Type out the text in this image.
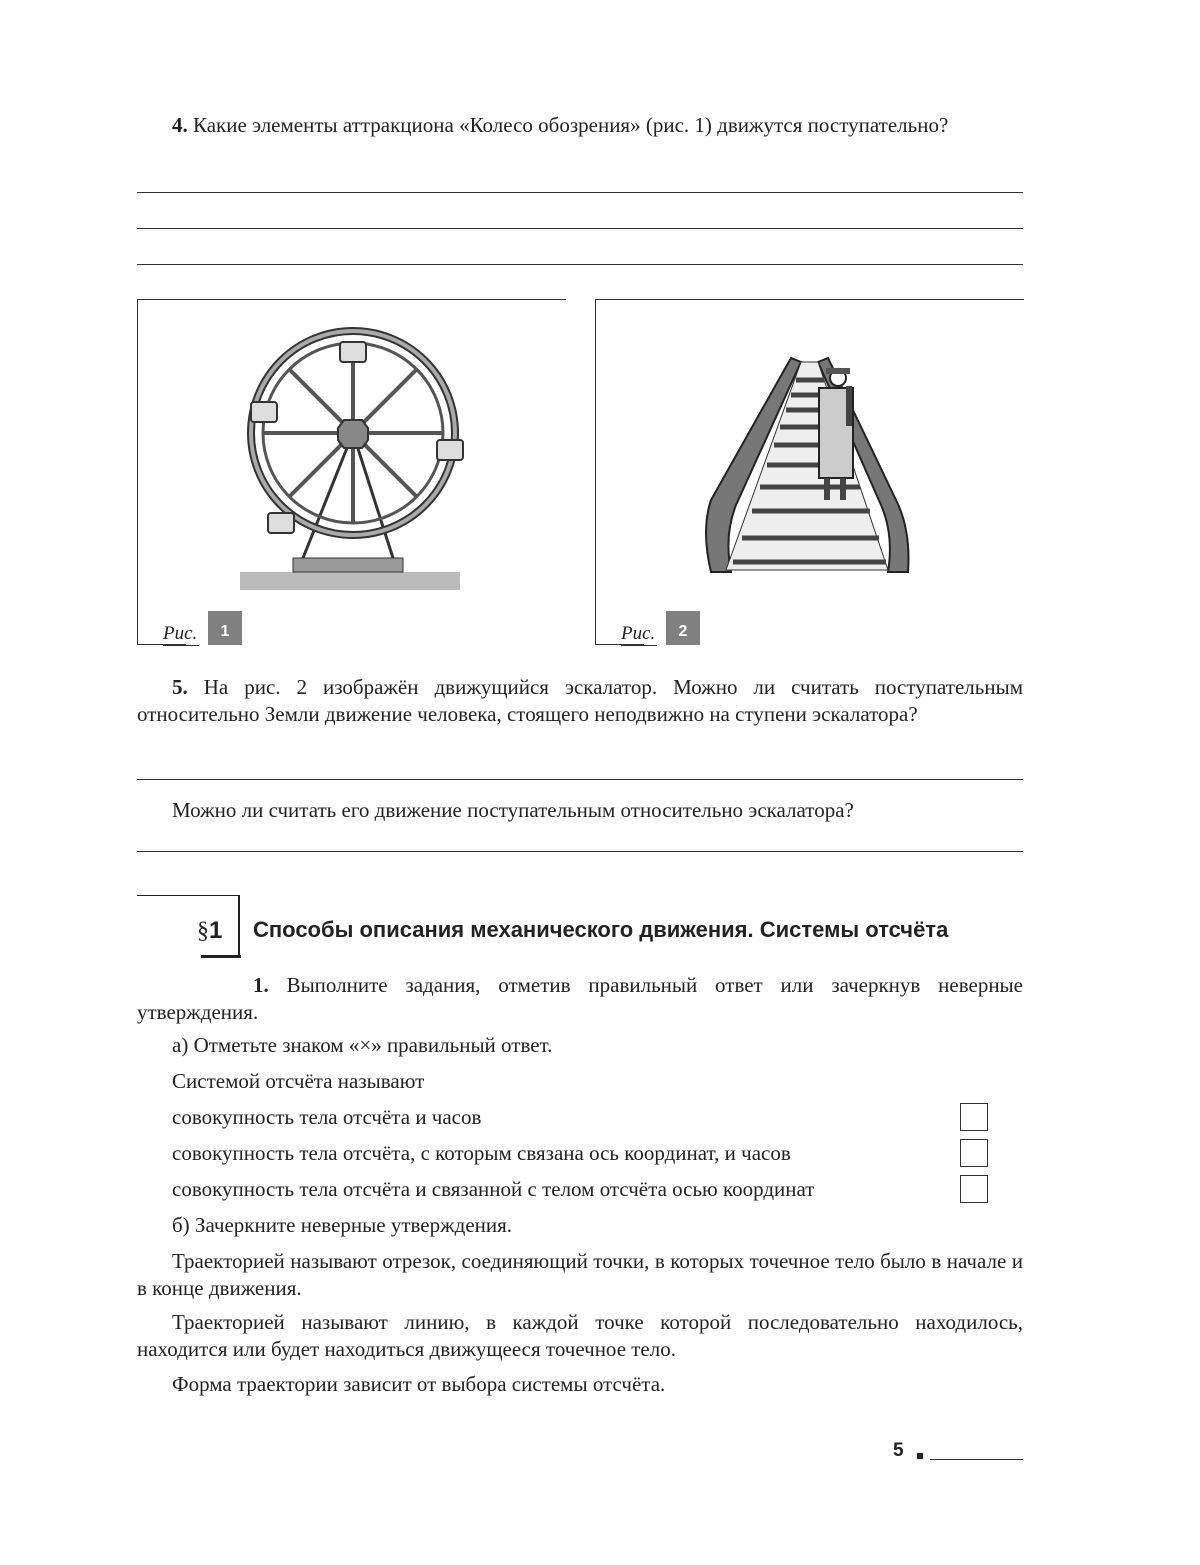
4. Какие элементы аттракциона «Колесо обозрения» (рис. 1) движутся поступательно?
Рис.	1	Рис.	2
5. На рис. 2 изображён движущийся эскалатор. Можно ли считать поступательным относительно Земли движение человека, стоящего неподвижно на ступени эскалатора?
Можно ли считать его движение поступательным относительно эскалатора?
§1 Способы описания механического движения. Системы отсчёта
1. Выполните задания, отметив правильный ответ или зачеркнув неверные утверждения.
а) Отметьте знаком «×» правильный ответ.
Системой отсчёта называют
совокупность тела отсчёта и часов
совокупность тела отсчёта, с которым связана ось координат, и часов
совокупность тела отсчёта и связанной с телом отсчёта осью координат
б) Зачеркните неверные утверждения.
Траекторией называют отрезок, соединяющий точки, в которых точечное тело было в начале и в конце движения.
Траекторией называют линию, в каждой точке которой последовательно находилось, находится или будет находиться движущееся точечное тело.
Форма траектории зависит от выбора системы отсчёта.
5
